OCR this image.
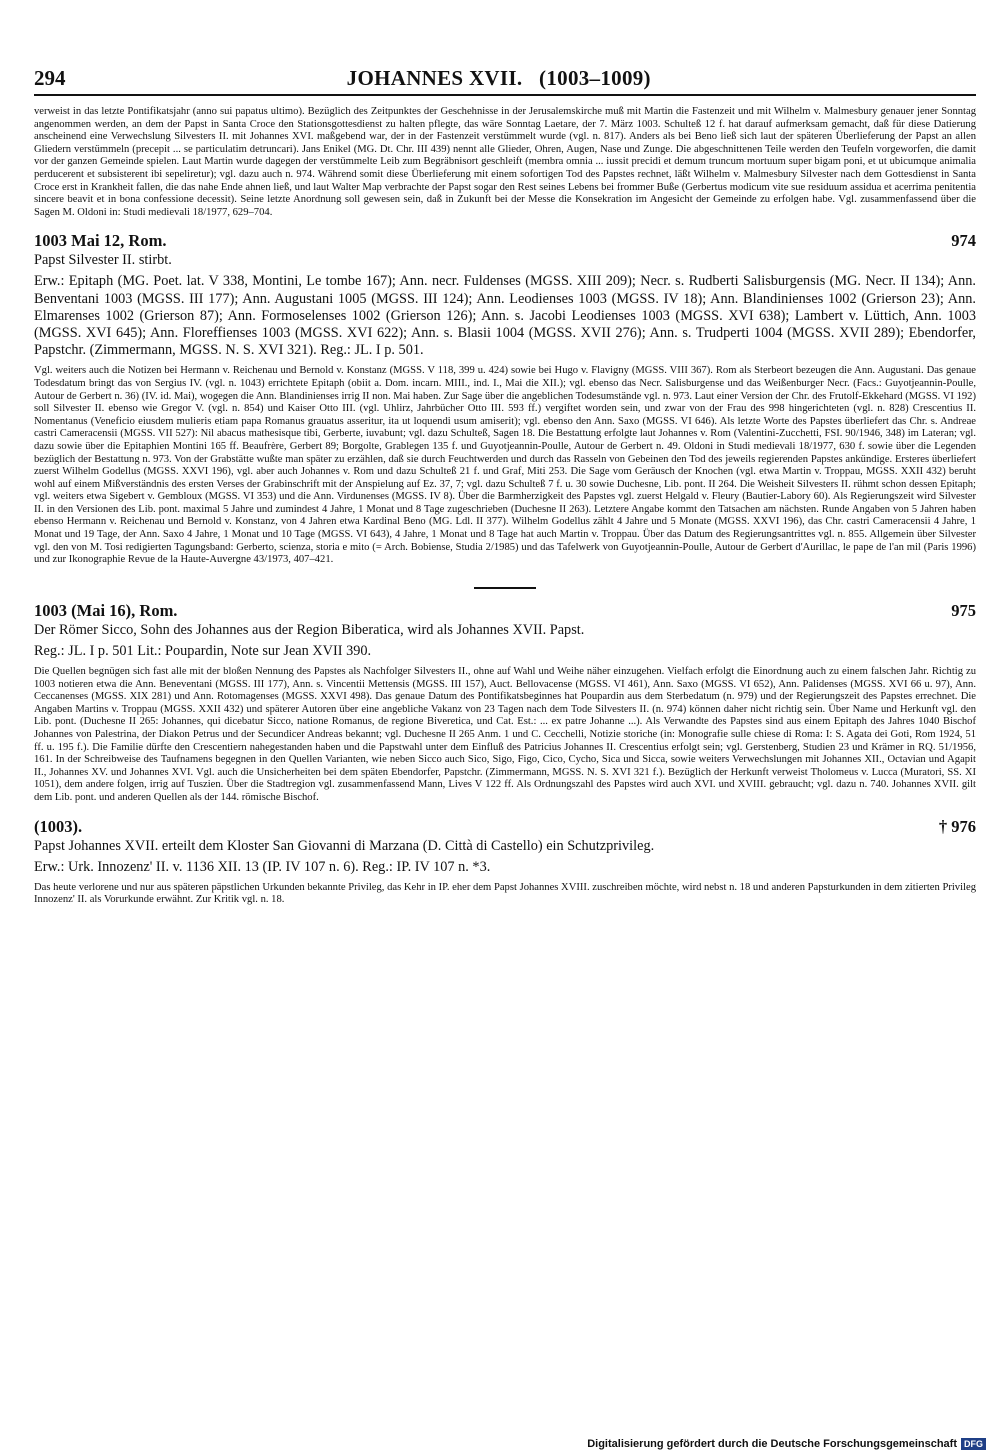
294	JOHANNES XVII. (1003–1009)

verweist in das letzte Pontifikatsjahr (anno sui papatus ultimo). Bezüglich des Zeitpunktes der Geschehnisse in der Jerusalemskirche muß mit Martin die Fastenzeit und mit Wilhelm v. Malmesbury genauer jener Sonntag angenommen werden, an dem der Papst in Santa Croce den Stationsgottesdienst zu halten pflegte, das wäre Sonntag Laetare, der 7. März 1003. Schulteß 12 f. hat darauf aufmerksam gemacht, daß für diese Datierung anscheinend eine Verwechslung Silvesters II. mit Johannes XVI. maßgebend war, der in der Fastenzeit verstümmelt wurde (vgl. n. 817). Anders als bei Beno ließ sich laut der späteren Überlieferung der Papst an allen Gliedern verstümmeln (precepit ... se particulatim detruncari). Jans Enikel (MG. Dt. Chr. III 439) nennt alle Glieder, Ohren, Augen, Nase und Zunge. Die abgeschnittenen Teile werden den Teufeln vorgeworfen, die damit vor der ganzen Gemeinde spielen. Laut Martin wurde dagegen der verstümmelte Leib zum Begräbnisort geschleift (membra omnia ... iussit precidi et demum truncum mortuum super bigam poni, et ut ubicumque animalia perducerent et subsisterent ibi sepeliretur); vgl. dazu auch n. 974. Während somit diese Überlieferung mit einem sofortigen Tod des Papstes rechnet, läßt Wilhelm v. Malmesbury Silvester nach dem Gottesdienst in Santa Croce erst in Krankheit fallen, die das nahe Ende ahnen ließ, und laut Walter Map verbrachte der Papst sogar den Rest seines Lebens bei frommer Buße (Gerbertus modicum vite sue residuum assidua et acerrima penitentia sincere beavit et in bona confessione decessit). Seine letzte Anordnung soll gewesen sein, daß in Zukunft bei der Messe die Konsekration im Angesicht der Gemeinde zu erfolgen habe. Vgl. zusammenfassend über die Sagen M. Oldoni in: Studi medievali 18/1977, 629–704.

1003 Mai 12, Rom.	974

Papst Silvester II. stirbt.

Erw.: Epitaph (MG. Poet. lat. V 338, Montini, Le tombe 167); Ann. necr. Fuldenses (MGSS. XIII 209); Necr. s. Rudberti Salisburgensis (MG. Necr. II 134); Ann. Benventani 1003 (MGSS. III 177); Ann. Augustani 1005 (MGSS. III 124); Ann. Leodienses 1003 (MGSS. IV 18); Ann. Blandinienses 1002 (Grierson 23); Ann. Elmarenses 1002 (Grierson 87); Ann. Formoselenses 1002 (Grierson 126); Ann. s. Jacobi Leodienses 1003 (MGSS. XVI 638); Lambert v. Lüttich, Ann. 1003 (MGSS. XVI 645); Ann. Floreffienses 1003 (MGSS. XVI 622); Ann. s. Blasii 1004 (MGSS. XVII 276); Ann. s. Trudperti 1004 (MGSS. XVII 289); Ebendorfer, Papstchr. (Zimmermann, MGSS. N. S. XVI 321). Reg.: JL. I p. 501.

Vgl. weiters auch die Notizen bei Hermann v. Reichenau und Bernold v. Konstanz (MGSS. V 118, 399 u. 424) sowie bei Hugo v. Flavigny (MGSS. VIII 367). Rom als Sterbeort bezeugen die Ann. Augustani. Das genaue Todesdatum bringt das von Sergius IV. (vgl. n. 1043) errichtete Epitaph (obiit a. Dom. incarn. MIII., ind. I., Mai die XII.); vgl. ebenso das Necr. Salisburgense und das Weißenburger Necr. (Facs.: Guyotjeannin-Poulle, Autour de Gerbert n. 36) (IV. id. Mai), wogegen die Ann. Blandinienses irrig II non. Mai haben. Zur Sage über die angeblichen Todesumstände vgl. n. 973. Laut einer Version der Chr. des Frutolf-Ekkehard (MGSS. VI 192) soll Silvester II. ebenso wie Gregor V. (vgl. n. 854) und Kaiser Otto III. (vgl. Uhlirz, Jahrbücher Otto III. 593 ff.) vergiftet worden sein, und zwar von der Frau des 998 hingerichteten (vgl. n. 828) Crescentius II. Nomentanus (Veneficio eiusdem mulieris etiam papa Romanus grauatus asseritur, ita ut loquendi usum amiserit); vgl. ebenso den Ann. Saxo (MGSS. VI 646). Als letzte Worte des Papstes überliefert das Chr. s. Andreae castri Cameracensii (MGSS. VII 527): Nil abacus mathesisque tibi, Gerberte, iuvabunt; vgl. dazu Schulteß, Sagen 18. Die Bestattung erfolgte laut Johannes v. Rom (Valentini-Zucchetti, FSI. 90/1946, 348) im Lateran; vgl. dazu sowie über die Epitaphien Montini 165 ff. Beaufrère, Gerbert 89; Borgolte, Grablegen 135 f. und Guyotjeannin-Poulle, Autour de Gerbert n. 49. Oldoni in Studi medievali 18/1977, 630 f. sowie über die Legenden bezüglich der Bestattung n. 973. Von der Grabstätte wußte man später zu erzählen, daß sie durch Feuchtwerden und durch das Rasseln von Gebeinen den Tod des jeweils regierenden Papstes ankündige. Ersteres überliefert zuerst Wilhelm Godellus (MGSS. XXVI 196), vgl. aber auch Johannes v. Rom und dazu Schulteß 21 f. und Graf, Miti 253. Die Sage vom Geräusch der Knochen (vgl. etwa Martin v. Troppau, MGSS. XXII 432) beruht wohl auf einem Mißverständnis des ersten Verses der Grabinschrift mit der Anspielung auf Ez. 37, 7; vgl. dazu Schulteß 7 f. u. 30 sowie Duchesne, Lib. pont. II 264. Die Weisheit Silvesters II. rühmt schon dessen Epitaph; vgl. weiters etwa Sigebert v. Gembloux (MGSS. VI 353) und die Ann. Virdunenses (MGSS. IV 8). Über die Barmherzigkeit des Papstes vgl. zuerst Helgald v. Fleury (Bautier-Labory 60). Als Regierungszeit wird Silvester II. in den Versionen des Lib. pont. maximal 5 Jahre und zumindest 4 Jahre, 1 Monat und 8 Tage zugeschrieben (Duchesne II 263). Letztere Angabe kommt den Tatsachen am nächsten. Runde Angaben von 5 Jahren haben ebenso Hermann v. Reichenau und Bernold v. Konstanz, von 4 Jahren etwa Kardinal Beno (MG. Ldl. II 377). Wilhelm Godellus zählt 4 Jahre und 5 Monate (MGSS. XXVI 196), das Chr. castri Cameracensii 4 Jahre, 1 Monat und 19 Tage, der Ann. Saxo 4 Jahre, 1 Monat und 10 Tage (MGSS. VI 643), 4 Jahre, 1 Monat und 8 Tage hat auch Martin v. Troppau. Über das Datum des Regierungsantrittes vgl. n. 855. Allgemein über Silvester vgl. den von M. Tosi redigierten Tagungsband: Gerberto, scienza, storia e mito (= Arch. Bobiense, Studia 2/1985) und das Tafelwerk von Guyotjeannin-Poulle, Autour de Gerbert d'Aurillac, le pape de l'an mil (Paris 1996) und zur Ikonographie Revue de la Haute-Auvergne 43/1973, 407–421.

1003 (Mai 16), Rom.	975

Der Römer Sicco, Sohn des Johannes aus der Region Biberatica, wird als Johannes XVII. Papst.

Reg.: JL. I p. 501 Lit.: Poupardin, Note sur Jean XVII 390.

Die Quellen begnügen sich fast alle mit der bloßen Nennung des Papstes als Nachfolger Silvesters II., ohne auf Wahl und Weihe näher einzugehen. Vielfach erfolgt die Einordnung auch zu einem falschen Jahr. Richtig zu 1003 notieren etwa die Ann. Beneventani (MGSS. III 177), Ann. s. Vincentii Mettensis (MGSS. III 157), Auct. Bellovacense (MGSS. VI 461), Ann. Saxo (MGSS. VI 652), Ann. Palidenses (MGSS. XVI 66 u. 97), Ann. Ceccanenses (MGSS. XIX 281) und Ann. Rotomagenses (MGSS. XXVI 498). Das genaue Datum des Pontifikatsbeginnes hat Poupardin aus dem Sterbedatum (n. 979) und der Regierungszeit des Papstes errechnet. Die Angaben Martins v. Troppau (MGSS. XXII 432) und späterer Autoren über eine angebliche Vakanz von 23 Tagen nach dem Tode Silvesters II. (n. 974) können daher nicht richtig sein. Über Name und Herkunft vgl. den Lib. pont. (Duchesne II 265: Johannes, qui dicebatur Sicco, natione Romanus, de regione Biveretica, und Cat. Est.: ... ex patre Johanne ...). Als Verwandte des Papstes sind aus einem Epitaph des Jahres 1040 Bischof Johannes von Palestrina, der Diakon Petrus und der Secundicer Andreas bekannt; vgl. Duchesne II 265 Anm. 1 und C. Cecchelli, Notizie storiche (in: Monografie sulle chiese di Roma: I: S. Agata dei Goti, Rom 1924, 51 ff. u. 195 f.). Die Familie dürfte den Crescentiern nahegestanden haben und die Papstwahl unter dem Einfluß des Patricius Johannes II. Crescentius erfolgt sein; vgl. Gerstenberg, Studien 23 und Krämer in RQ. 51/1956, 161. In der Schreibweise des Taufnamens begegnen in den Quellen Varianten, wie neben Sicco auch Sico, Sigo, Figo, Cico, Cycho, Sica und Sicca, sowie weiters Verwechslungen mit Johannes XII., Octavian und Agapit II., Johannes XV. und Johannes XVI. Vgl. auch die Unsicherheiten bei dem späten Ebendorfer, Papstchr. (Zimmermann, MGSS. N. S. XVI 321 f.). Bezüglich der Herkunft verweist Tholomeus v. Lucca (Muratori, SS. XI 1051), dem andere folgen, irrig auf Tuszien. Über die Stadtregion vgl. zusammenfassend Mann, Lives V 122 ff. Als Ordnungszahl des Papstes wird auch XVI. und XVIII. gebraucht; vgl. dazu n. 740. Johannes XVII. gilt dem Lib. pont. und anderen Quellen als der 144. römische Bischof.

(1003).	† 976

Papst Johannes XVII. erteilt dem Kloster San Giovanni di Marzana (D. Città di Castello) ein Schutzprivileg.

Erw.: Urk. Innozenz' II. v. 1136 XII. 13 (IP. IV 107 n. 6). Reg.: IP. IV 107 n. *3.

Das heute verlorene und nur aus späteren päpstlichen Urkunden bekannte Privileg, das Kehr in IP. eher dem Papst Johannes XVIII. zuschreiben möchte, wird nebst n. 18 und anderen Papsturkunden in dem zitierten Privileg Innozenz' II. als Vorurkunde erwähnt. Zur Kritik vgl. n. 18.

Digitalisierung gefördert durch die Deutsche Forschungsgemeinschaft DFG
